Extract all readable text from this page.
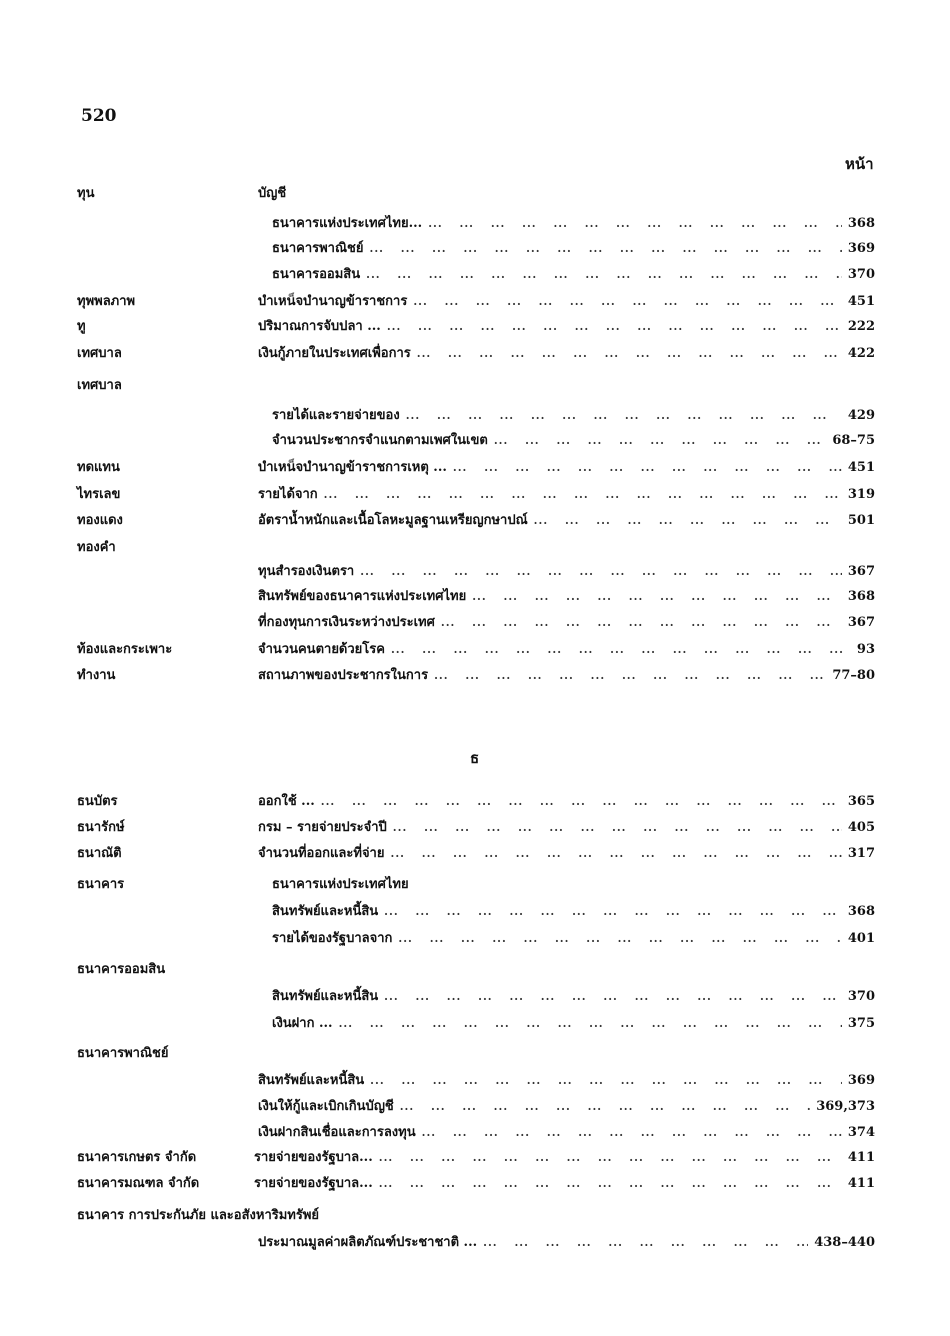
520
หน้า
ธ
ทุน	บัญชี
ธนาคารแห่งประเทศไทย... ... .	368
ธนาคารพาณิชย์ ... .	369
ธนาคารออมสิน ... .	370
ทุพพลภาพ	บำเหน็จบำนาญข้าราชการ ... .	451
ทู	ปริมาณการจับปลา ... ... .	222
เทศบาล	เงินกู้ภายในประเทศเพื่อการ ... .	422
เทศบาล
รายได้และรายจ่ายของ ... .	429
จำนวนประชากรจำแนกตามเพศในเขต ... .	68–75
ทดแทน	บำเหน็จบำนาญข้าราชการเหตุ ... ... .	451
ไทรเลข	รายได้จาก ... .	319
ทองแดง	อัตราน้ำหนักและเนื้อโลหะมูลฐานเหรียญกษาปณ์ ... .	501
ทองคำ
ทุนสำรองเงินตรา ... .	367
สินทรัพย์ของธนาคารแห่งประเทศไทย ... .	368
ที่กองทุนการเงินระหว่างประเทศ ... .	367
ท้องและกระเพาะ	จำนวนคนตายด้วยโรค ... .	93
ทำงาน	สถานภาพของประชากรในการ ... .	77–80
ธนบัตร	ออกใช้ ... ... .	365
ธนารักษ์	กรม – รายจ่ายประจำปี ... .	405
ธนาณัติ	จำนวนที่ออกและที่จ่าย ... .	317
ธนาคาร	ธนาคารแห่งประเทศไทย
สินทรัพย์และหนี้สิน ... .	368
รายได้ของรัฐบาลจาก ... .	401
ธนาคารออมสิน
สินทรัพย์และหนี้สิน ... .	370
เงินฝาก ... ... .	375
ธนาคารพาณิชย์
สินทรัพย์และหนี้สิน ... .	369
เงินให้กู้และเบิกเกินบัญชี ... .	369,373
เงินฝากสินเชื่อและการลงทุน ... .	374
ธนาคารเกษตร จำกัด	รายจ่ายของรัฐบาล... ... .	411
ธนาคารมณฑล จำกัด	รายจ่ายของรัฐบาล... ... .	411
ธนาคาร การประกันภัย และอสังหาริมทรัพย์
ประมาณมูลค่าผลิตภัณฑ์ประชาชาติ ... ... .	438–440
